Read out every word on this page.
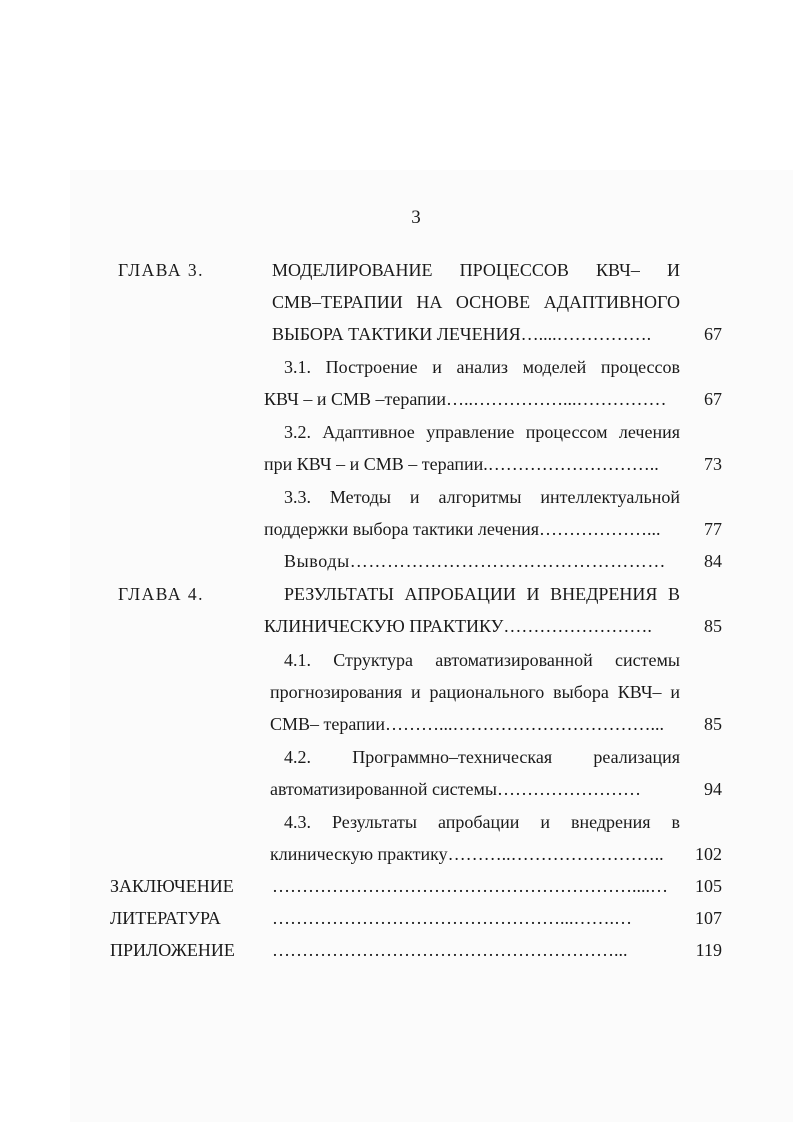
3
ГЛАВА 3.	МОДЕЛИРОВАНИЕ ПРОЦЕССОВ КВЧ– И
СМВ–ТЕРАПИИ НА ОСНОВЕ АДАПТИВНОГО
ВЫБОРА ТАКТИКИ ЛЕЧЕНИЯ…....…………….	67
3.1. Построение и анализ моделей процессов
КВЧ – и СМВ –терапии…..……………...……………	67
3.2. Адаптивное управление процессом лечения
при КВЧ – и СМВ – терапии.………………………..	73
3.3. Методы и алгоритмы интеллектуальной
поддержки выбора тактики лечения………………...	77
Выводы……………………………………………	84
ГЛАВА 4.	РЕЗУЛЬТАТЫ АПРОБАЦИИ И ВНЕДРЕНИЯ В
КЛИНИЧЕСКУЮ ПРАКТИКУ…………………….	85
4.1. Структура автоматизированной системы
прогнозирования и рационального выбора КВЧ– и
СМВ– терапии………...……………………………...	85
4.2. Программно–техническая реализация
автоматизированной системы……………………	94
4.3. Результаты апробации и внедрения в
клиническую практику………..……………………..	102
ЗАКЛЮЧЕНИЕ	……………………………………………………....…	105
ЛИТЕРАТУРА	…………………………………………...…….…	107
ПРИЛОЖЕНИЕ	…………………………………………………...	119
